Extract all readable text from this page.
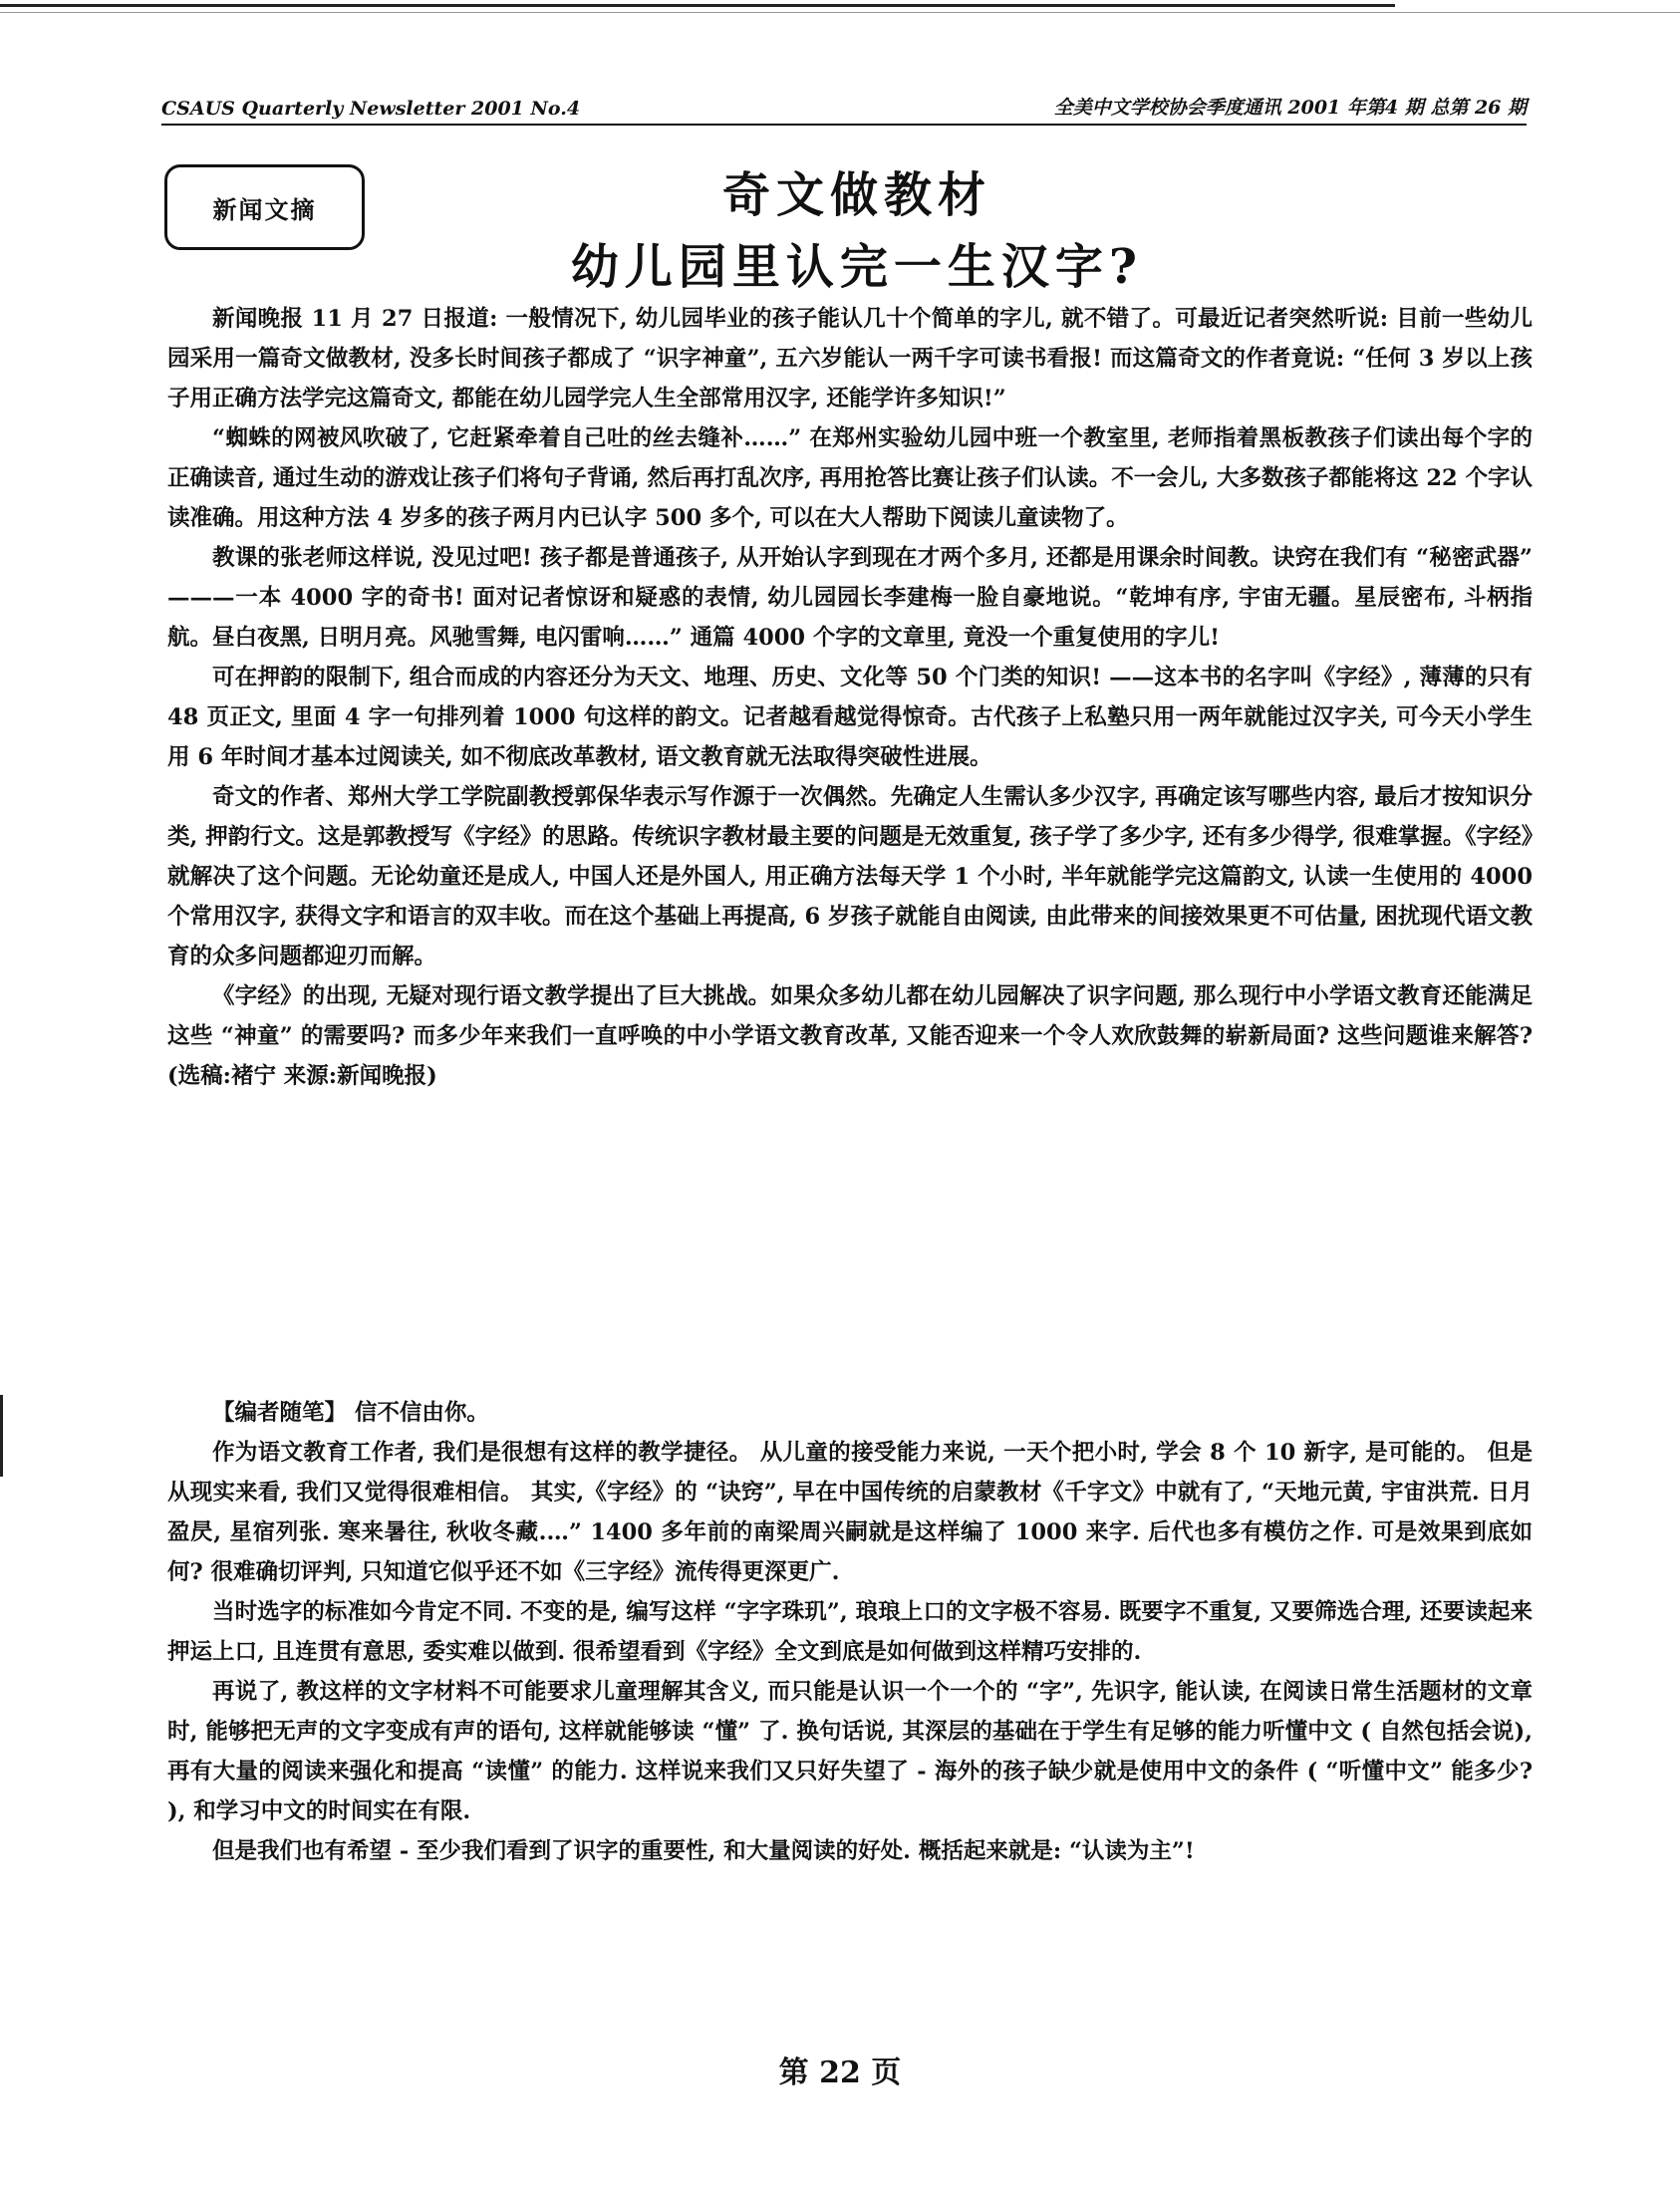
CSAUS Quarterly Newsletter 2001 No.4	全美中文学校协会季度通讯 2001 年第4 期 总第 26 期
新闻文摘	奇文做教材
幼儿园里认完一生汉字?

新闻晚报 11 月 27 日报道: 一般情况下, 幼儿园毕业的孩子能认几十个简单的字儿, 就不错了。可最近记者突然听说: 目前一些幼儿园采用一篇奇文做教材, 没多长时间孩子都成了 “识字神童”, 五六岁能认一两千字可读书看报! 而这篇奇文的作者竟说: “任何 3 岁以上孩子用正确方法学完这篇奇文, 都能在幼儿园学完人生全部常用汉字, 还能学许多知识!”

“蜘蛛的网被风吹破了, 它赶紧牵着自己吐的丝去缝补……” 在郑州实验幼儿园中班一个教室里, 老师指着黑板教孩子们读出每个字的正确读音, 通过生动的游戏让孩子们将句子背诵, 然后再打乱次序, 再用抢答比赛让孩子们认读。不一会儿, 大多数孩子都能将这 22 个字认读准确。用这种方法 4 岁多的孩子两月内已认字 500 多个, 可以在大人帮助下阅读儿童读物了。

教课的张老师这样说, 没见过吧! 孩子都是普通孩子, 从开始认字到现在才两个多月, 还都是用课余时间教。诀窍在我们有 “秘密武器” ———一本 4000 字的奇书! 面对记者惊讶和疑惑的表情, 幼儿园园长李建梅一脸自豪地说。“乾坤有序, 宇宙无疆。星辰密布, 斗柄指航。昼白夜黑, 日明月亮。风驰雪舞, 电闪雷响……” 通篇 4000 个字的文章里, 竟没一个重复使用的字儿!

可在押韵的限制下, 组合而成的内容还分为天文、地理、历史、文化等 50 个门类的知识! ——这本书的名字叫《字经》, 薄薄的只有 48 页正文, 里面 4 字一句排列着 1000 句这样的韵文。记者越看越觉得惊奇。古代孩子上私塾只用一两年就能过汉字关, 可今天小学生用 6 年时间才基本过阅读关, 如不彻底改革教材, 语文教育就无法取得突破性进展。

奇文的作者、郑州大学工学院副教授郭保华表示写作源于一次偶然。先确定人生需认多少汉字, 再确定该写哪些内容, 最后才按知识分类, 押韵行文。这是郭教授写《字经》的思路。传统识字教材最主要的问题是无效重复, 孩子学了多少字, 还有多少得学, 很难掌握。《字经》就解决了这个问题。无论幼童还是成人, 中国人还是外国人, 用正确方法每天学 1 个小时, 半年就能学完这篇韵文, 认读一生使用的 4000 个常用汉字, 获得文字和语言的双丰收。而在这个基础上再提高, 6 岁孩子就能自由阅读, 由此带来的间接效果更不可估量, 困扰现代语文教育的众多问题都迎刃而解。

《字经》的出现, 无疑对现行语文教学提出了巨大挑战。如果众多幼儿都在幼儿园解决了识字问题, 那么现行中小学语文教育还能满足这些 “神童” 的需要吗? 而多少年来我们一直呼唤的中小学语文教育改革, 又能否迎来一个令人欢欣鼓舞的崭新局面? 这些问题谁来解答? (选稿:褚宁 来源:新闻晚报)

【编者随笔】 信不信由你。

作为语文教育工作者, 我们是很想有这样的教学捷径。 从儿童的接受能力来说, 一天个把小时, 学会 8 个 10 新字, 是可能的。 但是从现实来看, 我们又觉得很难相信。 其实,《字经》的 “诀窍”, 早在中国传统的启蒙教材《千字文》中就有了, “天地元黄, 宇宙洪荒. 日月盈昃, 星宿列张. 寒来暑往, 秋收冬藏.…” 1400 多年前的南梁周兴嗣就是这样编了 1000 来字. 后代也多有模仿之作. 可是效果到底如何? 很难确切评判, 只知道它似乎还不如《三字经》流传得更深更广.

当时选字的标准如今肯定不同. 不变的是, 编写这样 “字字珠玑”, 琅琅上口的文字极不容易. 既要字不重复, 又要筛选合理, 还要读起来押运上口, 且连贯有意思, 委实难以做到. 很希望看到《字经》全文到底是如何做到这样精巧安排的.

再说了, 教这样的文字材料不可能要求儿童理解其含义, 而只能是认识一个一个的 “字”, 先识字, 能认读, 在阅读日常生活题材的文章时, 能够把无声的文字变成有声的语句, 这样就能够读 “懂” 了. 换句话说, 其深层的基础在于学生有足够的能力听懂中文 ( 自然包括会说), 再有大量的阅读来强化和提高 “读懂” 的能力. 这样说来我们又只好失望了 - 海外的孩子缺少就是使用中文的条件 ( “听懂中文” 能多少? ), 和学习中文的时间实在有限.

但是我们也有希望 - 至少我们看到了识字的重要性, 和大量阅读的好处. 概括起来就是: “认读为主”!

第 22 页
